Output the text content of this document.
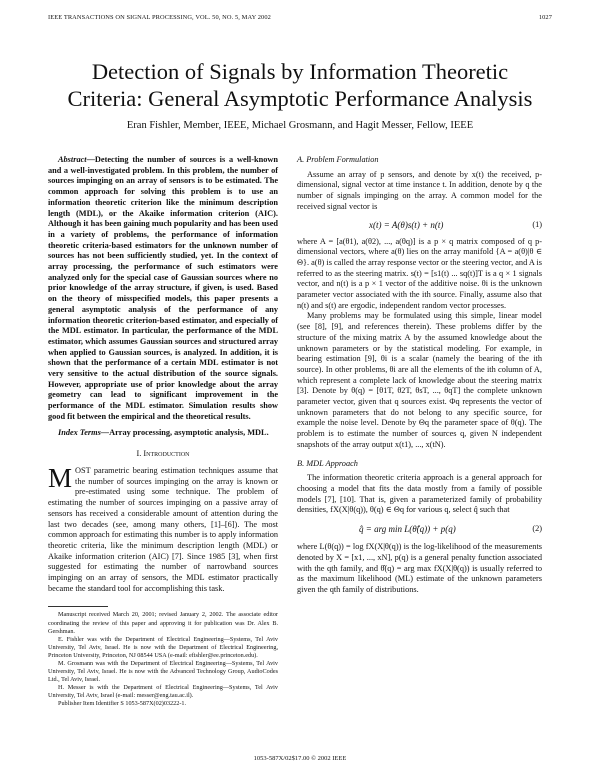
IEEE TRANSACTIONS ON SIGNAL PROCESSING, VOL. 50, NO. 5, MAY 2002	1027
Detection of Signals by Information Theoretic
Criteria: General Asymptotic Performance Analysis
Eran Fishler, Member, IEEE, Michael Grosmann, and Hagit Messer, Fellow, IEEE

Abstract—Detecting the number of sources is a well-known and a well-investigated problem. In this problem, the number of sources impinging on an array of sensors is to be estimated. The common approach for solving this problem is to use an information theoretic criterion like the minimum description length (MDL), or the Akaike information criterion (AIC). Although it has been gaining much popularity and has been used in a variety of problems, the performance of information theoretic criteria-based estimators for the unknown number of sources has not been sufficiently studied, yet. In the context of array processing, the performance of such estimators were analyzed only for the special case of Gaussian sources where no prior knowledge of the array structure, if given, is used. Based on the theory of misspecified models, this paper presents a general asymptotic analysis of the performance of any information theoretic criterion-based estimator, and especially of the MDL estimator. In particular, the performance of the MDL estimator, which assumes Gaussian sources and structured array when applied to Gaussian sources, is analyzed. In addition, it is shown that the performance of a certain MDL estimator is not very sensitive to the actual distribution of the source signals. However, appropriate use of prior knowledge about the array geometry can lead to significant improvement in the performance of the MDL estimator. Simulation results show good fit between the empirical and the theoretical results.

Index Terms—Array processing, asymptotic analysis, MDL.

I. Introduction

MOST parametric bearing estimation techniques assume that the number of sources impinging on the array is known or pre-estimated using some technique. The problem of estimating the number of sources impinging on a passive array of sensors has received a considerable amount of attention during the last two decades (see, among many others, [1]–[6]). The most common approach for estimating this number is to apply information theoretic criteria, like the minimum description length (MDL) or Akaike information criterion (AIC) [7]. Since 1985 [3], when first suggested for estimating the number of narrowband sources impinging on an array of sensors, the MDL estimator practically became the standard tool for accomplishing this task.

Manuscript received March 20, 2001; revised January 2, 2002. The associate editor coordinating the review of this paper and approving it for publication was Dr. Alex B. Gershman.

E. Fishler was with the Department of Electrical Engineering—Systems, Tel Aviv University, Tel Aviv, Israel. He is now with the Department of Electrical Engineering, Princeton University, Princeton, NJ 08544 USA (e-mail: efishler@ee.princeton.edu).

M. Grosmann was with the Department of Electrical Engineering—Systems, Tel Aviv University, Tel Aviv, Israel. He is now with the Advanced Technology Group, AudioCodes Ltd., Tel Aviv, Israel.

H. Messer is with the Department of Electrical Engineering—Systems, Tel Aviv University, Tel Aviv, Israel (e-mail: messer@eng.tau.ac.il).

Publisher Item Identifier S 1053-587X(02)03222-1.

A. Problem Formulation

Assume an array of p sensors, and denote by x(t) the received, p-dimensional, signal vector at time instance t. In addition, denote by q the number of signals impinging on the array. A common model for the received signal vector is

x(t) = A(θ)s(t) + n(t)	(1)

where A = [a(θ1), a(θ2), ..., a(θq)] is a p × q matrix composed of q p-dimensional vectors, where a(θ) lies on the array manifold {A = a(θ)|θ ∈ Θ}. a(θ) is called the array response vector or the steering vector, and A is referred to as the steering matrix. s(t) = [s1(t) ... sq(t)]T is a q × 1 signals vector, and n(t) is a p × 1 vector of the additive noise. θi is the unknown parameter vector associated with the ith source. Finally, assume also that n(t) and s(t) are ergodic, independent random vector processes.

Many problems may be formulated using this simple, linear model (see [8], [9], and references therein). These problems differ by the structure of the mixing matrix A by the assumed knowledge about the unknown parameters or by the statistical modeling. For example, in bearing estimation [9], θi is a scalar (namely the bearing of the ith source). In other problems, θi are all the elements of the ith column of A, which represent a complete lack of knowledge about the steering matrix [3]. Denote by θ(q) = [θ1T, θ2T, θsT, ..., θqT] the complete unknown parameter vector, given that q sources exist. Φq represents the vector of unknown parameters that do not belong to any specific source, for example the noise level. Denote by Θq the parameter space of θ(q). The problem is to estimate the number of sources q, given N independent snapshots of the array output x(t1), ..., x(tN).

B. MDL Approach

The information theoretic criteria approach is a general approach for choosing a model that fits the data mostly from a family of possible models [7], [10]. That is, given a parameterized family of probability densities, fX(X|θ(q)), θ(q) ∈ Θq for various q, select q̂ such that

q̂ = arg min L(θ̂(q)) + p(q)	(2)

where L(θ(q)) = log fX(X|θ(q)) is the log-likelihood of the measurements denoted by X = [x1, ..., xN], p(q) is a general penalty function associated with the qth family, and θ̂(q) = arg max fX(X|θ(q)) is usually referred to as the maximum likelihood (ML) estimate of the unknown parameters given the qth family of distributions.

1053-587X/02$17.00 © 2002 IEEE
